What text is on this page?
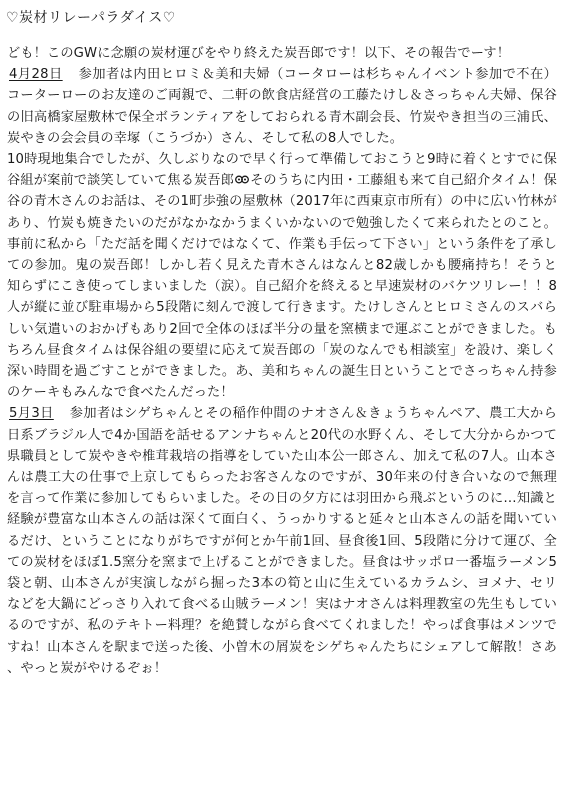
♡炭材リレーパラダイス♡

ども！このGWに念願の炭材運びをやり終えた炭吾郎です！以下、その報告でーす！

4月28日 参加者は内田ヒロミ＆美和夫婦（コータローは杉ちゃんイベント参加で不在）コーターローのお友達のご両親で、二軒の飲食店経営の工藤たけし＆さっちゃん夫婦、保谷の旧高橋家屋敷林で保全ボランティアをしておられる青木副会長、竹炭やき担当の三浦氏、炭やきの会会員の幸塚（こうづか）さん、そして私の8人でした。
10時現地集合でしたが、久しぶりなので早く行って準備しておこうと9時に着くとすでに保谷組が案前で談笑していて焦る炭吾郎 そのうちに内田・工藤組も来て自己紹介タイム！保谷の青木さんのお話は、その1町歩強の屋敷林（2017年に西東京市所有）の中に広い竹林があり、竹炭も焼きたいのだがなかなかうまくいかないので勉強したくて来られたとのこと。事前に私から「ただ話を聞くだけではなくて、作業も手伝って下さい」という条件を了承しての参加。鬼の炭吾郎！しかし若く見えた青木さんはなんと82歳しかも腰痛持ち！そうと知らずにこき使ってしまいました（涙）。自己紹介を終えると早速炭材のバケツリレー！！8人が縦に並び駐車場から5段階に刻んで渡して行きます。たけしさんとヒロミさんのスバらしい気遣いのおかげもあり2回で全体のほぼ半分の量を窯横まで運ぶことができました。もちろん昼食タイムは保谷組の要望に応えて炭吾郎の「炭のなんでも相談室」を設け、楽しく深い時間を過ごすことができました。あ、美和ちゃんの誕生日ということでさっちゃん持参のケーキもみんなで食べたんだった！

5月3日 参加者はシゲちゃんとその稲作仲間のナオさん＆きょうちゃんペア、農工大から日系ブラジル人で4か国語を話せるアンナちゃんと20代の水野くん、そして大分からかつて県職員として炭やきや椎茸栽培の指導をしていた山本公一郎さん、加えて私の7人。山本さんは農工大の仕事で上京してもらったお客さんなのですが、30年来の付き合いなので無理を言って作業に参加してもらいました。その日の夕方には羽田から飛ぶというのに…知識と経験が豊富な山本さんの話は深くて面白く、うっかりすると延々と山本さんの話を聞いているだけ、ということになりがちですが何とか午前1回、昼食後1回、5段階に分けて運び、全ての炭材をほぼ1.5窯分を窯まで上げることができました。昼食はサッポロ一番塩ラーメン5袋と朝、山本さんが実演しながら掘った3本の筍と山に生えているカラムシ、ヨメナ、セリなどを大鍋にどっさり入れて食べる山賊ラーメン！実はナオさんは料理教室の先生もしているのですが、私のテキトー料理？を絶賛しながら食べてくれました！やっぱ食事はメンツですね！山本さんを駅まで送った後、小曽木の屑炭をシゲちゃんたちにシェアして解散！さあ、やっと炭がやけるぞぉ！
